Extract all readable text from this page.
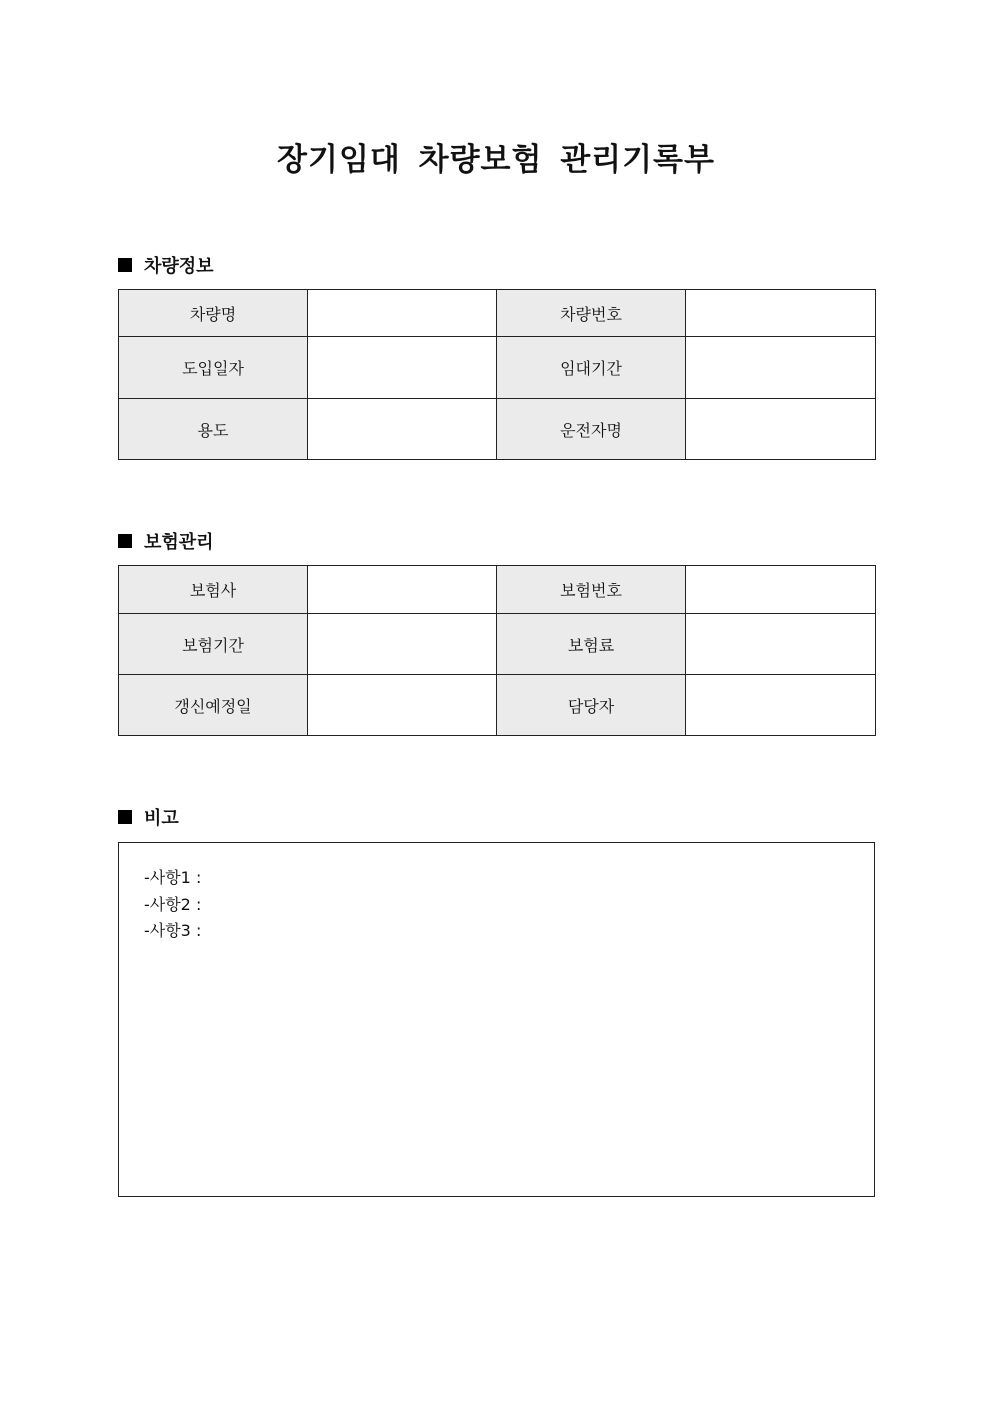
장기임대 차량보험 관리기록부
차량정보
차량명		차량번호	
도입일자		임대기간	
용도		운전자명	
보험관리
보험사		보험번호	
보험기간		보험료	
갱신예정일		담당자	
비고
-사항1 :
-사항2 :
-사항3 :
